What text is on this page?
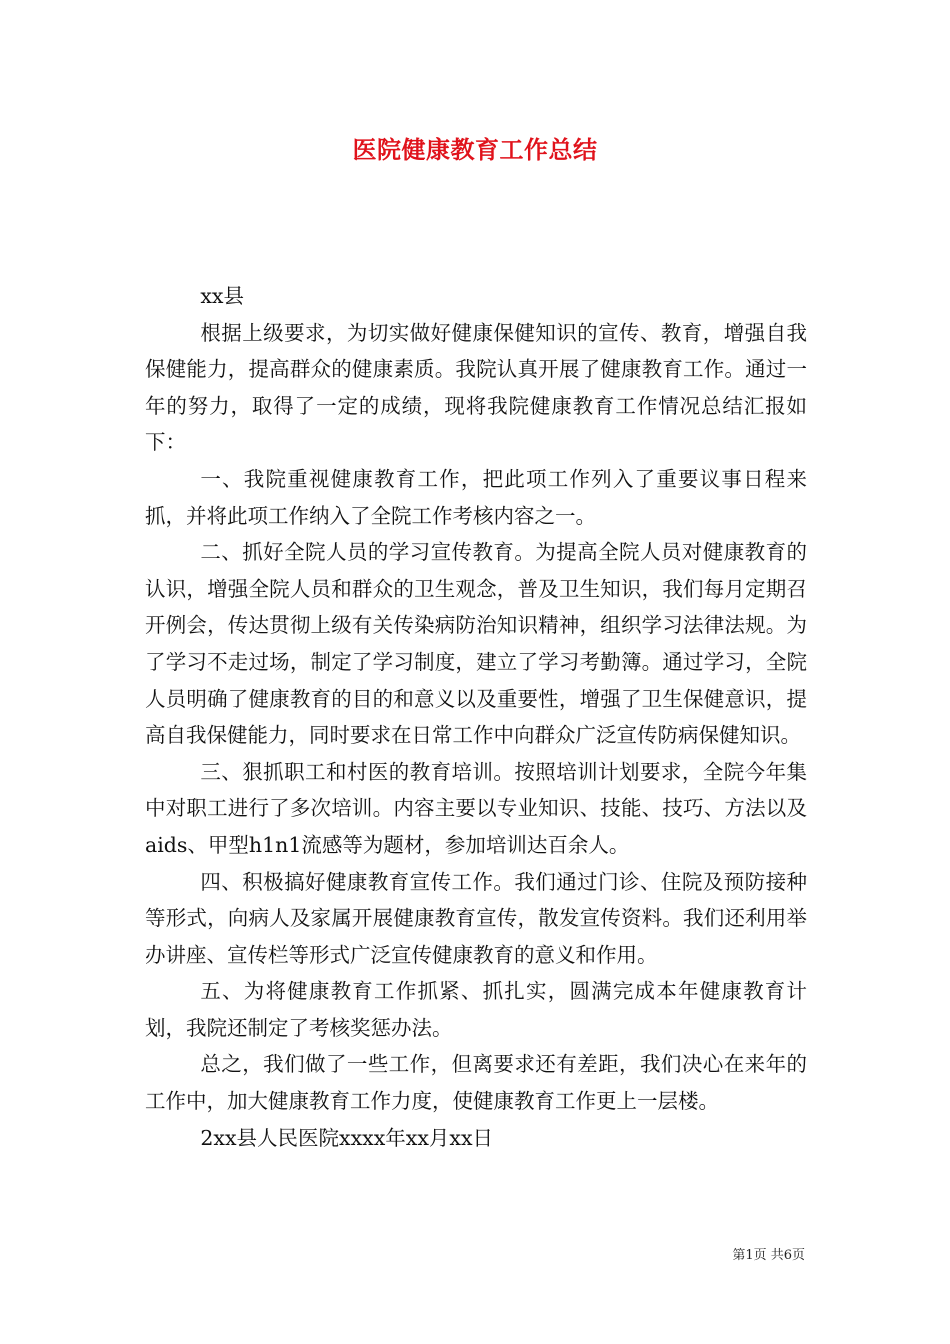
医院健康教育工作总结

xx县

根据上级要求，为切实做好健康保健知识的宣传、教育，增强自我保健能力，提高群众的健康素质。我院认真开展了健康教育工作。通过一年的努力，取得了一定的成绩，现将我院健康教育工作情况总结汇报如下：

一、我院重视健康教育工作，把此项工作列入了重要议事日程来抓，并将此项工作纳入了全院工作考核内容之一。

二、抓好全院人员的学习宣传教育。为提高全院人员对健康教育的认识，增强全院人员和群众的卫生观念，普及卫生知识，我们每月定期召开例会，传达贯彻上级有关传染病防治知识精神，组织学习法律法规。为了学习不走过场，制定了学习制度，建立了学习考勤簿。通过学习，全院人员明确了健康教育的目的和意义以及重要性，增强了卫生保健意识，提高自我保健能力，同时要求在日常工作中向群众广泛宣传防病保健知识。

三、狠抓职工和村医的教育培训。按照培训计划要求，全院今年集中对职工进行了多次培训。内容主要以专业知识、技能、技巧、方法以及aids、甲型h1n1流感等为题材，参加培训达百余人。

四、积极搞好健康教育宣传工作。我们通过门诊、住院及预防接种等形式，向病人及家属开展健康教育宣传，散发宣传资料。我们还利用举办讲座、宣传栏等形式广泛宣传健康教育的意义和作用。

五、为将健康教育工作抓紧、抓扎实，圆满完成本年健康教育计划，我院还制定了考核奖惩办法。

总之，我们做了一些工作，但离要求还有差距，我们决心在来年的工作中，加大健康教育工作力度，使健康教育工作更上一层楼。

2xx县人民医院xxxx年xx月xx日

第1页 共6页
